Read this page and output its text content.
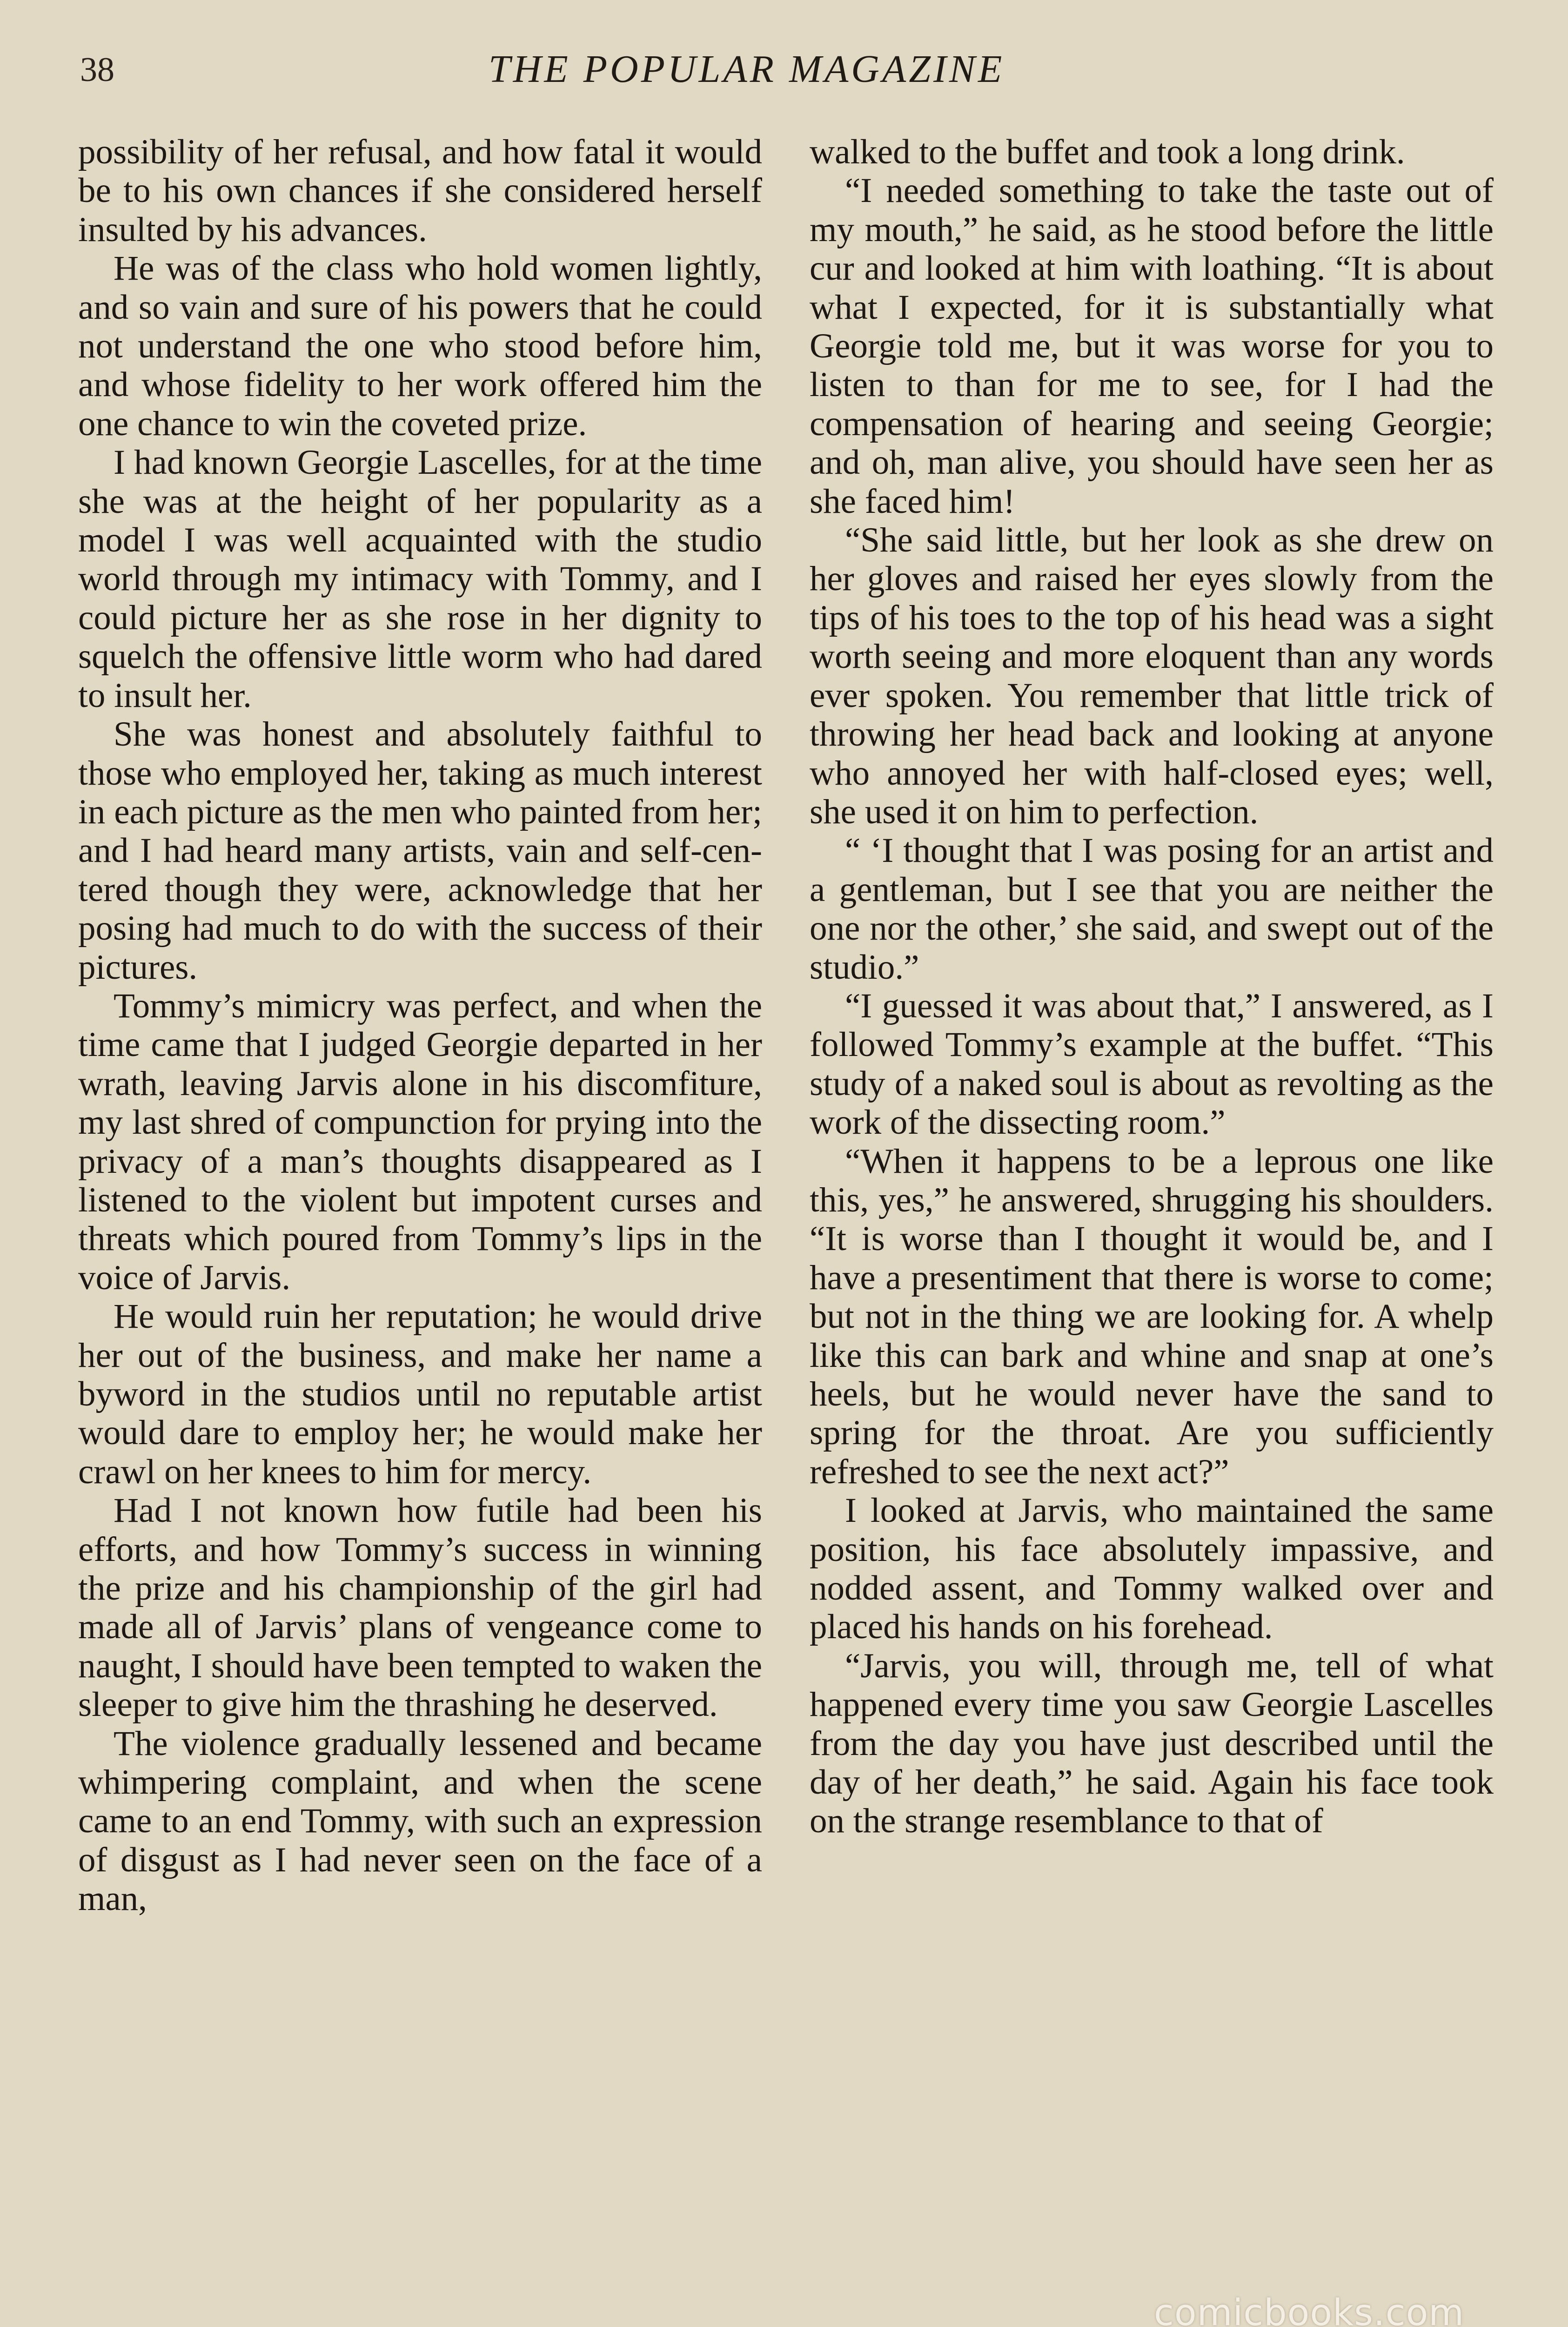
38	THE POPULAR MAGAZINE

possibility of her refusal, and how fatal it would be to his own chances if she considered herself insulted by his advances.

He was of the class who hold women lightly, and so vain and sure of his powers that he could not understand the one who stood before him, and whose fidelity to her work offered him the one chance to win the coveted prize.

I had known Georgie Lascelles, for at the time she was at the height of her popularity as a model I was well acquainted with the studio world through my intimacy with Tommy, and I could picture her as she rose in her dignity to squelch the offensive little worm who had dared to insult her.

She was honest and absolutely faithful to those who employed her, taking as much interest in each picture as the men who painted from her; and I had heard many artists, vain and self-centered though they were, acknowledge that her posing had much to do with the success of their pictures.

Tommy’s mimicry was perfect, and when the time came that I judged Georgie departed in her wrath, leaving Jarvis alone in his discomfiture, my last shred of compunction for prying into the privacy of a man’s thoughts disappeared as I listened to the violent but impotent curses and threats which poured from Tommy’s lips in the voice of Jarvis.

He would ruin her reputation; he would drive her out of the business, and make her name a byword in the studios until no reputable artist would dare to employ her; he would make her crawl on her knees to him for mercy.

Had I not known how futile had been his efforts, and how Tommy’s success in winning the prize and his championship of the girl had made all of Jarvis’ plans of vengeance come to naught, I should have been tempted to waken the sleeper to give him the thrashing he deserved.

The violence gradually lessened and became whimpering complaint, and when the scene came to an end Tommy, with such an expression of disgust as I had never seen on the face of a man,

walked to the buffet and took a long drink.

“I needed something to take the taste out of my mouth,” he said, as he stood before the little cur and looked at him with loathing. “It is about what I expected, for it is substantially what Georgie told me, but it was worse for you to listen to than for me to see, for I had the compensation of hearing and seeing Georgie; and oh, man alive, you should have seen her as she faced him!

“She said little, but her look as she drew on her gloves and raised her eyes slowly from the tips of his toes to the top of his head was a sight worth seeing and more eloquent than any words ever spoken. You remember that little trick of throwing her head back and looking at anyone who annoyed her with half-closed eyes; well, she used it on him to perfection.

“ ‘I thought that I was posing for an artist and a gentleman, but I see that you are neither the one nor the other,’ she said, and swept out of the studio.”

“I guessed it was about that,” I answered, as I followed Tommy’s example at the buffet. “This study of a naked soul is about as revolting as the work of the dissecting room.”

“When it happens to be a leprous one like this, yes,” he answered, shrugging his shoulders. “It is worse than I thought it would be, and I have a presentiment that there is worse to come; but not in the thing we are looking for. A whelp like this can bark and whine and snap at one’s heels, but he would never have the sand to spring for the throat. Are you sufficiently refreshed to see the next act?”

I looked at Jarvis, who maintained the same position, his face absolutely impassive, and nodded assent, and Tommy walked over and placed his hands on his forehead.

“Jarvis, you will, through me, tell of what happened every time you saw Georgie Lascelles from the day you have just described until the day of her death,” he said. Again his face took on the strange resemblance to that of

comicbooks.com
